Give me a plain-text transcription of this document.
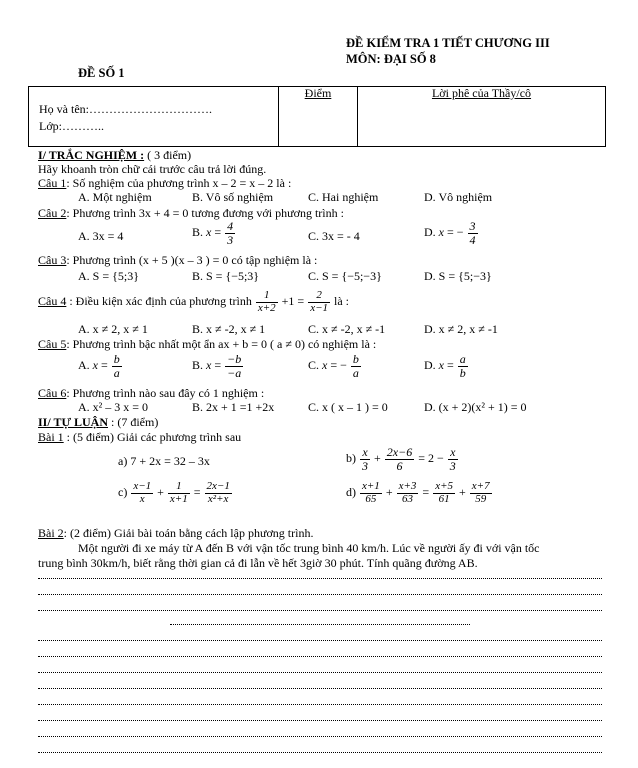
ĐỀ KIỂM TRA 1 TIẾT CHƯƠNG III
MÔN: ĐẠI SỐ 8
ĐỀ SỐ 1
Họ và tên:………………………….
Lớp:………..
	Điểm	Lời phê của Thầy/cô
I/ TRẮC NGHIỆM : ( 3 điểm)
Hãy khoanh tròn chữ cái trước câu trả lời đúng.
Câu 1: Số nghiệm của phương trình x – 2 = x – 2 là :
A. Một nghiệm	B. Vô số nghiệm	C. Hai nghiệm	D. Vô nghiệm
Câu 2: Phương trình 3x + 4 = 0 tương đương với phương trình :
A. 3x = 4	B. $x = \frac{4}{3}$	C. 3x = - 4	D. x = − $\frac{3}{4}$
Câu 3: Phương trình (x + 5 )(x – 3 ) = 0 có tập nghiệm là :
A. S = {5;3}	B. S = {−5;3}	C. S = {−5;−3}	D. S = {5;−3}
Câu 4 : Điều kiện xác định của phương trình $\frac{1}{x+2} +1 = \frac{2}{x-1}$ là :
A. x ≠ 2, x ≠ 1	B. x ≠ -2, x ≠ 1	C. x ≠ -2, x ≠ -1	D. x ≠ 2, x ≠ -1
Câu 5: Phương trình bậc nhất một ẩn ax + b = 0 ( a ≠ 0) có nghiệm là :
A. $x = \frac{b}{a}$	B. $x = \frac{-b}{-a}$	C. x = − $\frac{b}{a}$	D. $x = \frac{a}{b}$
Câu 6: Phương trình nào sau đây có 1 nghiệm :
A. x² – 3 x = 0	B. 2x + 1 =1 +2x	C. x ( x – 1 ) = 0	D. (x + 2)(x² + 1) = 0
II/ TỰ LUẬN : (7 điểm)
Bài 1 : (5 điểm) Giải các phương trình sau
a) 7 + 2x = 32 – 3x	$b) \frac{x}{3} + \frac{2x-6}{6} = 2 - \frac{x}{3}$
$c) \frac{x-1}{x} + \frac{1}{x+1} = \frac{2x-1}{\text{x²+x}}$	$d) \frac{x+1}{65} + \frac{x+3}{63} = \frac{x+5}{61} + \frac{x+7}{59}$
Bài 2: (2 điểm) Giải bài toán bằng cách lập phương trình.
Một người đi xe máy từ A đến B với vận tốc trung bình 40 km/h. Lúc về người ấy đi với vận tốc
trung bình 30km/h, biết rằng thời gian cả đi lẫn về hết 3giờ 30 phút. Tính quãng đường AB.
